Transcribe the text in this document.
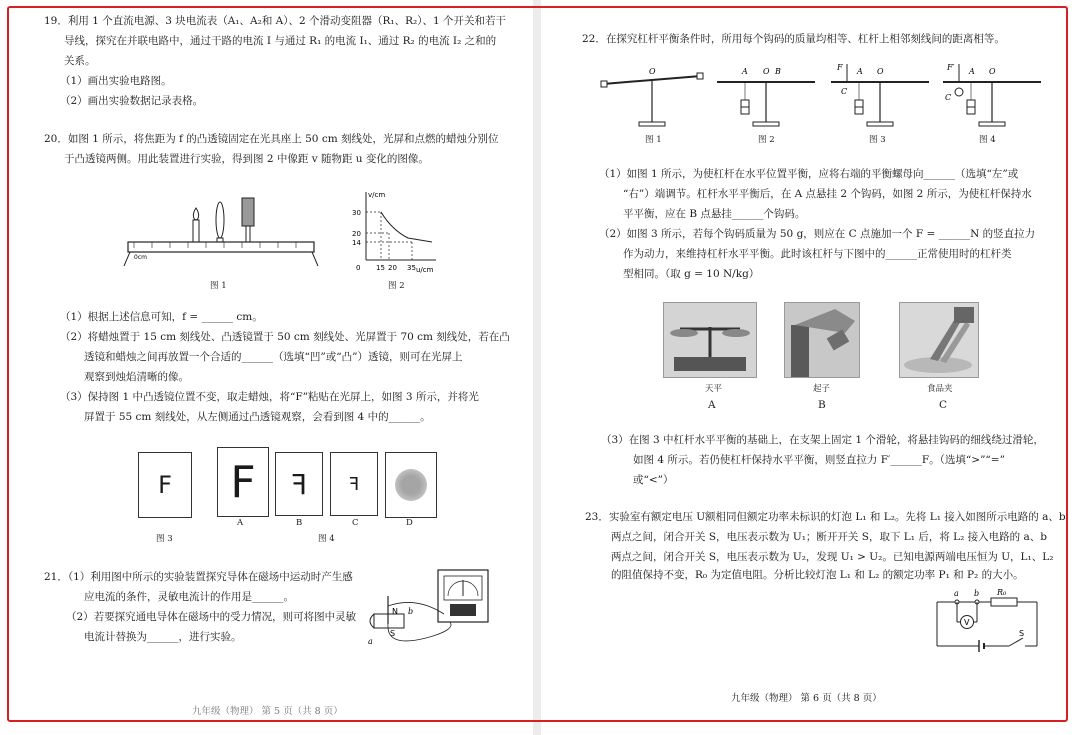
19．利用 1 个直流电源、3 块电流表（A₁、A₂和 A）、2 个滑动变阻器（R₁、R₂）、1 个开关和若干
导线，探究在并联电路中，通过干路的电流 I 与通过 R₁ 的电流 I₁、通过 R₂ 的电流 I₂ 之和的
关系。
（1）画出实验电路图。
（2）画出实验数据记录表格。
20．如图 1 所示，将焦距为 f 的凸透镜固定在光具座上 50 cm 刻线处，光屏和点燃的蜡烛分别位
于凸透镜两侧。用此装置进行实验，得到图 2 中像距 v 随物距 u 变化的图像。
0cm
图 1
v/cm
u/cm
30
20
14
0 15 20 35
图 2
（1）根据上述信息可知，f = ______ cm。
（2）将蜡烛置于 15 cm 刻线处、凸透镜置于 50 cm 刻线处、光屏置于 70 cm 刻线处，若在凸
透镜和蜡烛之间再放置一个合适的______（选填“凹”或“凸”）透镜，则可在光屏上
观察到烛焰清晰的像。
（3）保持图 1 中凸透镜位置不变，取走蜡烛，将“F”粘贴在光屏上，如图 3 所示，并将光
屏置于 55 cm 刻线处，从左侧通过凸透镜观察，会看到图 4 中的______。
F
图 3
F	F	F
A	B	C	D
图 4
21．（1）利用图中所示的实验装置探究导体在磁场中运动时产生感
应电流的条件，灵敏电流计的作用是______。
（2）若要探究通电导体在磁场中的受力情况，则可将图中灵敏
电流计替换为______，进行实验。
N
S
a
b
九年级（物理） 第 5 页（共 8 页）
22．在探究杠杆平衡条件时，所用每个钩码的质量均相等、杠杆上相邻刻线间的距离相等。
O	A O B	F A O
C
F′ A O
C
图 1	图 2	图 3	图 4
（1）如图 1 所示，为使杠杆在水平位置平衡，应将右端的平衡螺母向______（选填“左”或
“右”）端调节。杠杆水平平衡后，在 A 点悬挂 2 个钩码，如图 2 所示，为使杠杆保持水
平平衡，应在 B 点悬挂______个钩码。
（2）如图 3 所示，若每个钩码质量为 50 g，则应在 C 点施加一个 F = ______N 的竖直拉力
作为动力，来维持杠杆水平平衡。此时该杠杆与下图中的______正常使用时的杠杆类
型相同。（取 g = 10 N/kg）
天平	起子	食品夹
A	B	C
（3）在图 3 中杠杆水平平衡的基础上，在支架上固定 1 个滑轮，将悬挂钩码的细线绕过滑轮，
如图 4 所示。若仍使杠杆保持水平平衡，则竖直拉力 F′______F。（选填“>”“=”
或“<”）
23．实验室有额定电压 U额相同但额定功率未标识的灯泡 L₁ 和 L₂。先将 L₁ 接入如图所示电路的 a、b
两点之间，闭合开关 S，电压表示数为 U₁；断开开关 S，取下 L₁ 后，将 L₂ 接入电路的 a、b
两点之间，闭合开关 S，电压表示数为 U₂，发现 U₁ > U₂。已知电源两端电压恒为 U，L₁、L₂
的阻值保持不变，R₀ 为定值电阻。分析比较灯泡 L₁ 和 L₂ 的额定功率 P₁ 和 P₂ 的大小。
V
a b R₀
S
九年级（物理） 第 6 页（共 8 页）
